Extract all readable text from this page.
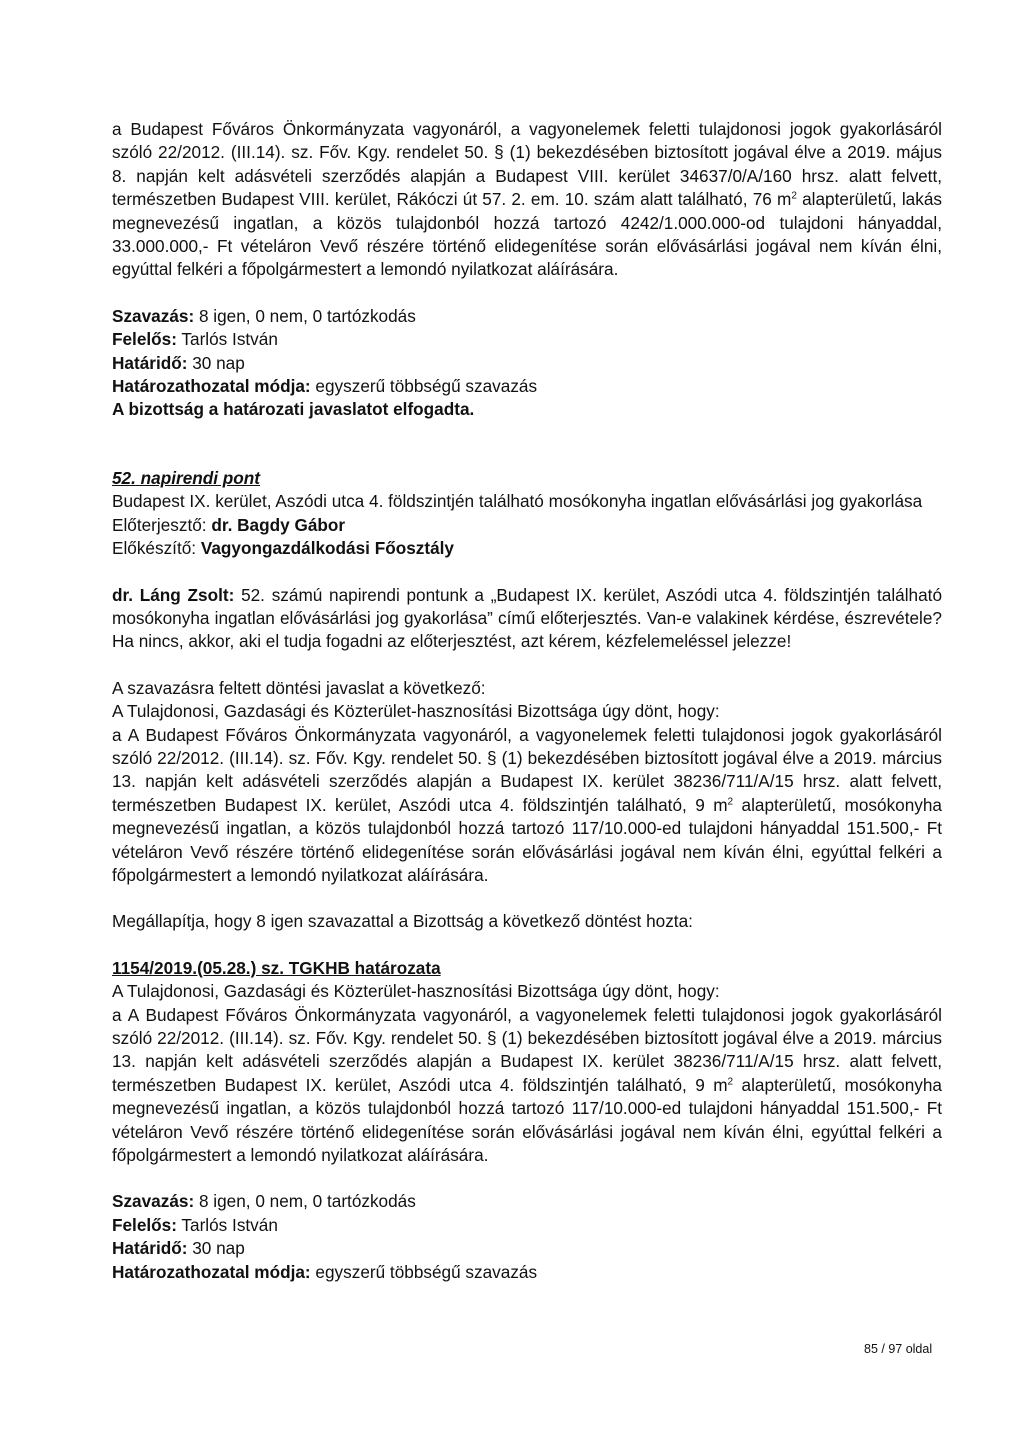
a Budapest Főváros Önkormányzata vagyonáról, a vagyonelemek feletti tulajdonosi jogok gyakorlásáról szóló 22/2012. (III.14). sz. Főv. Kgy. rendelet 50. § (1) bekezdésében biztosított jogával élve a 2019. május 8. napján kelt adásvételi szerződés alapján a Budapest VIII. kerület 34637/0/A/160 hrsz. alatt felvett, természetben Budapest VIII. kerület, Rákóczi út 57. 2. em. 10. szám alatt található, 76 $m^2$ alapterületű, lakás megnevezésű ingatlan, a közös tulajdonból hozzá tartozó 4242/1.000.000-od tulajdoni hányaddal, 33.000.000,- Ft vételáron Vevő részére történő elidegenítése során elővásárlási jogával nem kíván élni, egyúttal felkéri a főpolgármestert a lemondó nyilatkozat aláírására.

Szavazás: 8 igen, 0 nem, 0 tartózkodás

Felelős: Tarlós István

Határidő: 30 nap

Határozathozatal módja: egyszerű többségű szavazás

A bizottság a határozati javaslatot elfogadta.

52. napirendi pont

Budapest IX. kerület, Aszódi utca 4. földszintjén található mosókonyha ingatlan elővásárlási jog gyakorlása

Előterjesztő: dr. Bagdy Gábor

Előkészítő: Vagyongazdálkodási Főosztály

dr. Láng Zsolt: 52. számú napirendi pontunk a „Budapest IX. kerület, Aszódi utca 4. földszintjén található mosókonyha ingatlan elővásárlási jog gyakorlása” című előterjesztés. Van-e valakinek kérdése, észrevétele? Ha nincs, akkor, aki el tudja fogadni az előterjesztést, azt kérem, kézfelemeléssel jelezze!

A szavazásra feltett döntési javaslat a következő:

A Tulajdonosi, Gazdasági és Közterület-hasznosítási Bizottsága úgy dönt, hogy:

a A Budapest Főváros Önkormányzata vagyonáról, a vagyonelemek feletti tulajdonosi jogok gyakorlásáról szóló 22/2012. (III.14). sz. Főv. Kgy. rendelet 50. § (1) bekezdésében biztosított jogával élve a 2019. március 13. napján kelt adásvételi szerződés alapján a Budapest IX. kerület 38236/711/A/15 hrsz. alatt felvett, természetben Budapest IX. kerület, Aszódi utca 4. földszintjén található, 9 $m^2$ alapterületű, mosókonyha megnevezésű ingatlan, a közös tulajdonból hozzá tartozó 117/10.000-ed tulajdoni hányaddal 151.500,- Ft vételáron Vevő részére történő elidegenítése során elővásárlási jogával nem kíván élni, egyúttal felkéri a főpolgármestert a lemondó nyilatkozat aláírására.

Megállapítja, hogy 8 igen szavazattal a Bizottság a következő döntést hozta:

1154/2019.(05.28.) sz. TGKHB határozata

A Tulajdonosi, Gazdasági és Közterület-hasznosítási Bizottsága úgy dönt, hogy:

a A Budapest Főváros Önkormányzata vagyonáról, a vagyonelemek feletti tulajdonosi jogok gyakorlásáról szóló 22/2012. (III.14). sz. Főv. Kgy. rendelet 50. § (1) bekezdésében biztosított jogával élve a 2019. március 13. napján kelt adásvételi szerződés alapján a Budapest IX. kerület 38236/711/A/15 hrsz. alatt felvett, természetben Budapest IX. kerület, Aszódi utca 4. földszintjén található, 9 $m^2$ alapterületű, mosókonyha megnevezésű ingatlan, a közös tulajdonból hozzá tartozó 117/10.000-ed tulajdoni hányaddal 151.500,- Ft vételáron Vevő részére történő elidegenítése során elővásárlási jogával nem kíván élni, egyúttal felkéri a főpolgármestert a lemondó nyilatkozat aláírására.

Szavazás: 8 igen, 0 nem, 0 tartózkodás

Felelős: Tarlós István

Határidő: 30 nap

Határozathozatal módja: egyszerű többségű szavazás

85 / 97 oldal
